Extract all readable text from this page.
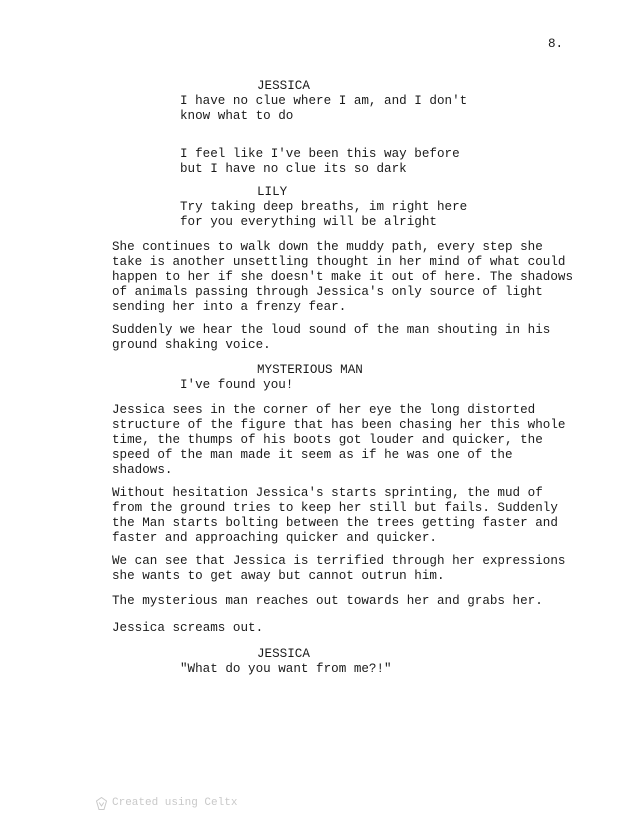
8.
JESSICA
I have no clue where I am, and I don't
know what to do
I feel like I've been this way before
but I have no clue its so dark
LILY
Try taking deep breaths, im right here
for you everything will be alright
She continues to walk down the muddy path, every step she
take is another unsettling thought in her mind of what could
happen to her if she doesn't make it out of here. The shadows
of animals passing through Jessica's only source of light
sending her into a frenzy fear.
Suddenly we hear the loud sound of the man shouting in his
ground shaking voice.
MYSTERIOUS MAN
I've found you!
Jessica sees in the corner of her eye the long distorted
structure of the figure that has been chasing her this whole
time, the thumps of his boots got louder and quicker, the
speed of the man made it seem as if he was one of the
shadows.
Without hesitation Jessica's starts sprinting, the mud of
from the ground tries to keep her still but fails. Suddenly
the Man starts bolting between the trees getting faster and
faster and approaching quicker and quicker.
We can see that Jessica is terrified through her expressions
she wants to get away but cannot outrun him.
The mysterious man reaches out towards her and grabs her.
Jessica screams out.
JESSICA
"What do you want from me?!"
Created using Celtx
